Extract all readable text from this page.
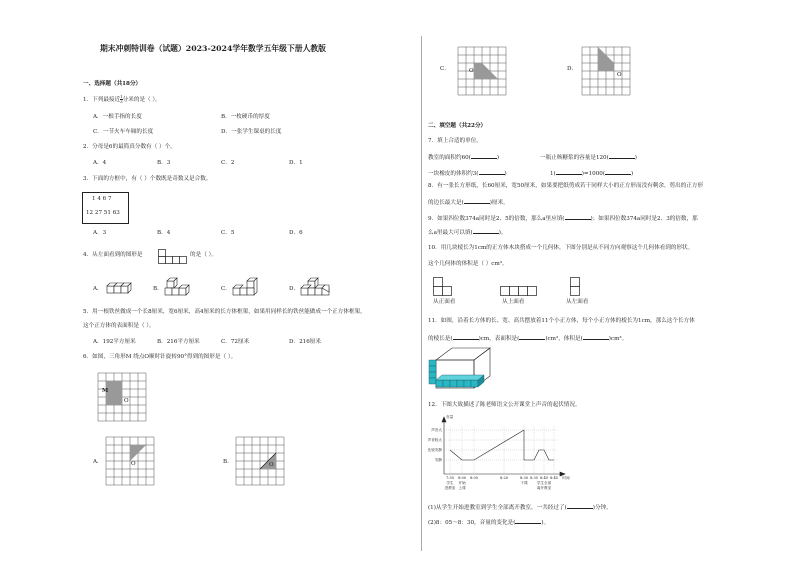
期末冲刺特训卷（试题）2023-2024学年数学五年级下册人教版
一、选择题（共18分）
1．下列最接近 $\frac{1}{3}$ 分米的是（ ）。
A．一根手指的长度	B．一枚硬币的厚度
C．一节火车车厢的长度	D．一张学生课桌的长度
2．分母是6的最简真分数有（ ）个。
A．4	B．3	C．2	D．1
3．下面的方框中，有（ ）个数既是奇数又是合数。
1 4 6 7
12 27 51 63
A．3	B．4	C．5	D．6
4．从左面看到的图形是	的是（ ）。
A．	B．	C．	D．
5．用一根铁丝做成一个长8厘米，宽6厘米，高4厘米的长方体框架，如果用同样长的铁丝能做成一个正方体框架，
这个正方体的表面积是（ ）。
A．192平方厘米	B．216平方厘米	C．72厘米	D．216厘米
6．如图，三角形M 绕点O顺时针旋转90°得到的图形是（ ）。
M
O
A．	O	B．	O
C．	O	D．
O
二、填空题（共22分）
7．填上合适的单位。
教室的面积约60(	)	一瓶止咳糖浆的容量是120(	)
一块橡皮的体积约3(	)	1(	)=1000(	)
8．有一张长方形纸，长60厘米，宽50厘米，如果要把纸剪成若干同样大小的正方形而没有剩余，剪出的正方形
的边长最大是(	)厘米。
9．如果四位数374a同时是2、5的倍数，那么a里应填(	)；如果四位数374a同时是2、3的倍数，那
么a里最大可以填(	)。
10．用几块棱长为1cm的正方体木块搭成一个几何体，下图分别是从不同方向观察这个几何体看到的形状。
这个几何体的体积是（ ）cm³。
从正面看	从上面看	从左面看
11．如图，沿着长方体的长、宽、高共摆放着11个小正方体，每个小正方体的棱长为1cm，那么这个长方体
的棱长是(	)cm，表面积是(	)cm²，体积是(	)cm³。
12．下图大致描述了陈老师语文公开课堂上声音的起伏情况。
音量
声音大
声音较大
比较安静
安静
7:55 8:00 8:05	8:20	8:30 8:35 8:40 8:45 时间
学生 开始	下课	学生全部
进教室 上课	离开教室
(1)从学生开始进教室到学生全部离开教室，一共经过了(	)分钟。
(2)8：05～8：30，音量的变化是(	)。
